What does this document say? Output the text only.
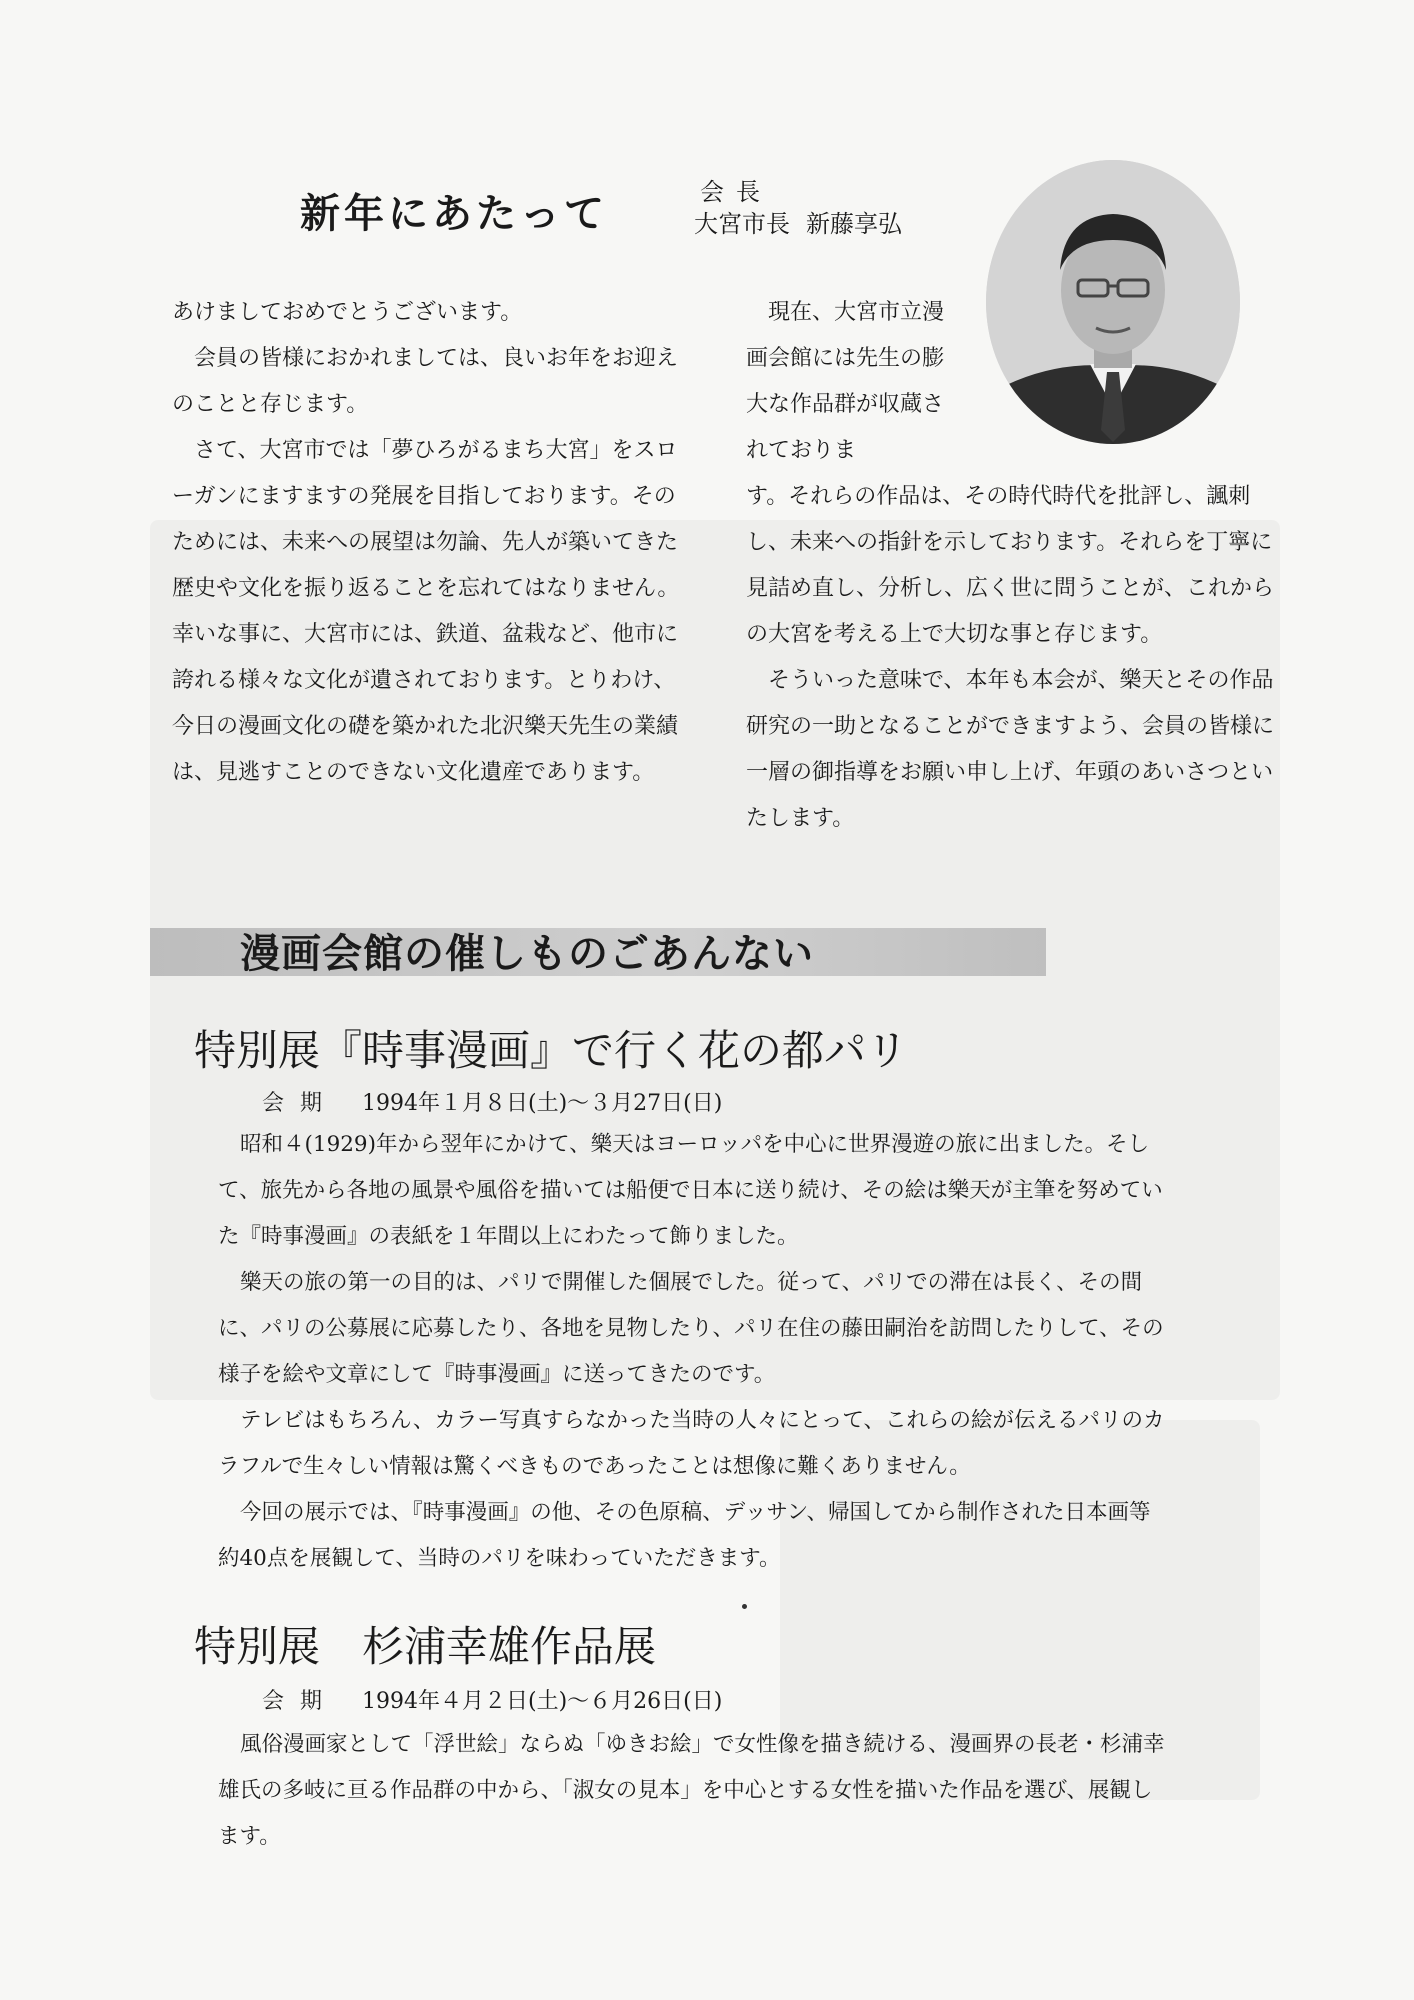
新年にあたって	会長
大宮市長 新藤享弘

あけましておめでとうございます。

　会員の皆様におかれましては、良いお年をお迎えのことと存じます。

　さて、大宮市では「夢ひろがるまち大宮」をスローガンにますますの発展を目指しております。そのためには、未来への展望は勿論、先人が築いてきた歴史や文化を振り返ることを忘れてはなりません。幸いな事に、大宮市には、鉄道、盆栽など、他市に誇れる様々な文化が遺されております。とりわけ、今日の漫画文化の礎を築かれた北沢樂天先生の業績は、見逃すことのできない文化遺産であります。

　現在、大宮市立漫画会館には先生の膨大な作品群が収蔵されておりま

す。それらの作品は、その時代時代を批評し、諷刺し、未来への指針を示しております。それらを丁寧に見詰め直し、分析し、広く世に問うことが、これからの大宮を考える上で大切な事と存じます。

　そういった意味で、本年も本会が、樂天とその作品研究の一助となることができますよう、会員の皆様に一層の御指導をお願い申し上げ、年頭のあいさつといたします。

漫画会館の催しものごあんない
特別展『時事漫画』で行く花の都パリ
会期 1994年１月８日(土)～３月27日(日)

昭和４(1929)年から翌年にかけて、樂天はヨーロッパを中心に世界漫遊の旅に出ました。そして、旅先から各地の風景や風俗を描いては船便で日本に送り続け、その絵は樂天が主筆を努めていた『時事漫画』の表紙を１年間以上にわたって飾りました。

樂天の旅の第一の目的は、パリで開催した個展でした。従って、パリでの滞在は長く、その間に、パリの公募展に応募したり、各地を見物したり、パリ在住の藤田嗣治を訪問したりして、その様子を絵や文章にして『時事漫画』に送ってきたのです。

テレビはもちろん、カラー写真すらなかった当時の人々にとって、これらの絵が伝えるパリのカラフルで生々しい情報は驚くべきものであったことは想像に難くありません。

今回の展示では、『時事漫画』の他、その色原稿、デッサン、帰国してから制作された日本画等約40点を展観して、当時のパリを味わっていただきます。

特別展　杉浦幸雄作品展
会期 1994年４月２日(土)～６月26日(日)

風俗漫画家として「浮世絵」ならぬ「ゆきお絵」で女性像を描き続ける、漫画界の長老・杉浦幸雄氏の多岐に亘る作品群の中から、「淑女の見本」を中心とする女性を描いた作品を選び、展観します。
